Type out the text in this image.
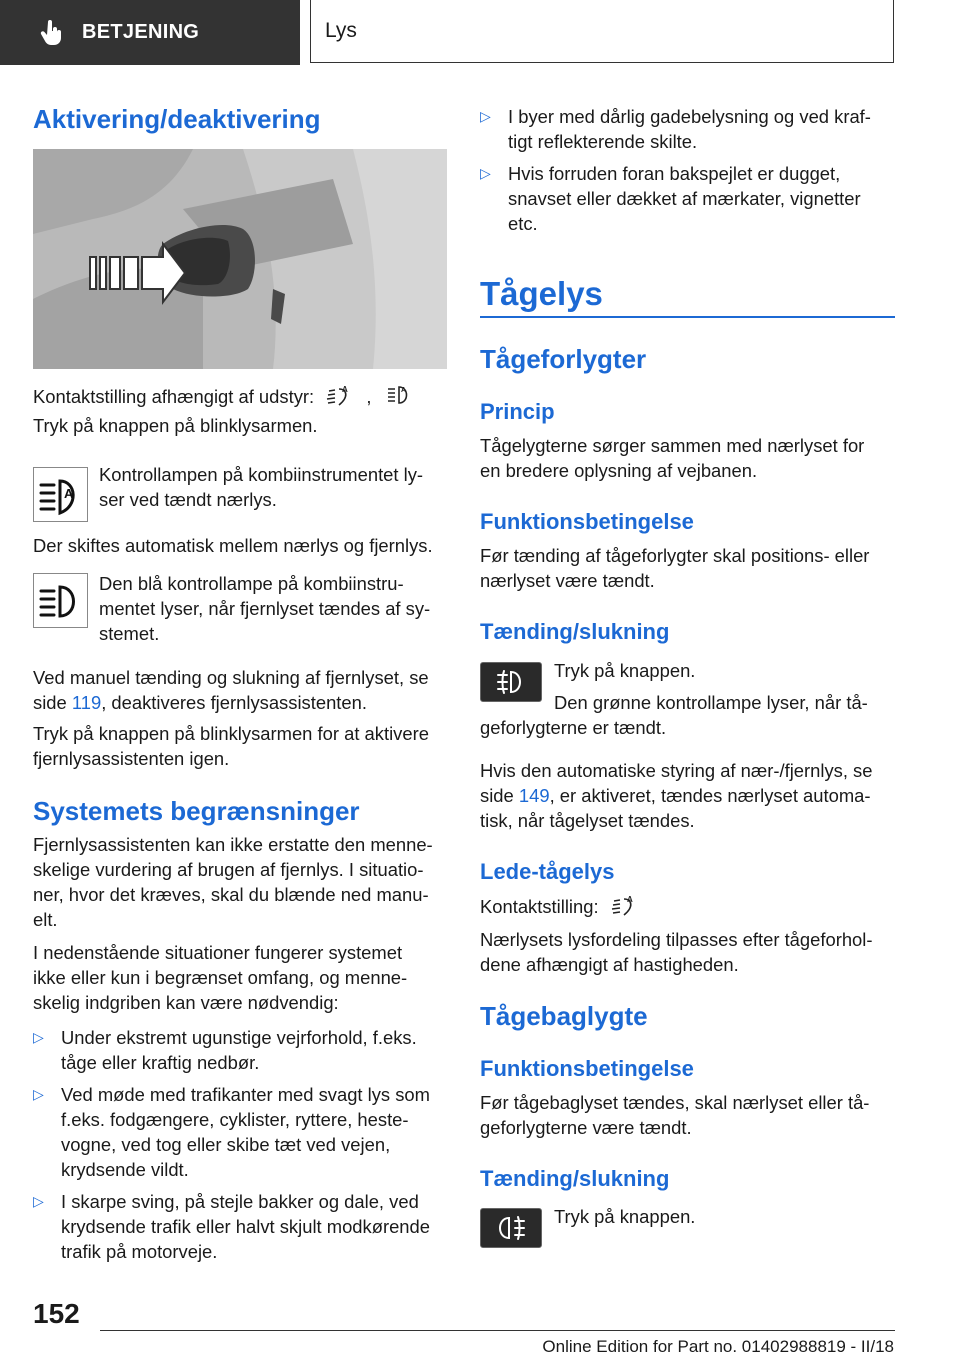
BETJENING	Lys
Aktivering/deaktivering
Kontaktstilling afhængigt af udstyr:	A ,	A
Tryk på knappen på blinklysarmen.
A
Kontrollampen på kombiinstrumentet ly‐
ser ved tændt nærlys.
Der skiftes automatisk mellem nærlys og fjernlys.
Den blå kontrollampe på kombiinstru‐
mentet lyser, når fjernlyset tændes af sy‐
stemet.
Ved manuel tænding og slukning af fjernlyset, se
side 119, deaktiveres fjernlysassistenten.
Tryk på knappen på blinklysarmen for at aktivere
fjernlysassistenten igen.
Systemets begrænsninger
Fjernlysassistenten kan ikke erstatte den menne‐
skelige vurdering af brugen af fjernlys. I situatio‐
ner, hvor det kræves, skal du blænde ned manu‐
elt.
I nedenstående situationer fungerer systemet
ikke eller kun i begrænset omfang, og menne‐
skelig indgriben kan være nødvendig:
▷ Under ekstremt ugunstige vejrforhold, f.eks.
tåge eller kraftig nedbør.
▷ Ved møde med trafikanter med svagt lys som
f.eks. fodgængere, cyklister, ryttere, heste‐
vogne, ved tog eller skibe tæt ved vejen,
krydsende vildt.
▷ I skarpe sving, på stejle bakker og dale, ved
krydsende trafik eller halvt skjult modkørende
trafik på motorveje.
▷ I byer med dårlig gadebelysning og ved kraf‐
tigt reflekterende skilte.
▷ Hvis forruden foran bakspejlet er dugget,
snavset eller dækket af mærkater, vignetter
etc.
Tågelys
Tågeforlygter
Princip
Tågelygterne sørger sammen med nærlyset for
en bredere oplysning af vejbanen.
Funktionsbetingelse
Før tænding af tågeforlygter skal positions- eller
nærlyset være tændt.
Tænding/slukning
Tryk på knappen.
Den grønne kontrollampe lyser, når tå‐
geforlygterne er tændt.
Hvis den automatiske styring af nær-/fjernlys, se
side 149, er aktiveret, tændes nærlyset automa‐
tisk, når tågelyset tændes.
Lede-tågelys
Kontaktstilling:	A
Nærlysets lysfordeling tilpasses efter tågeforhol‐
dene afhængigt af hastigheden.
Tågebaglygte
Funktionsbetingelse
Før tågebaglyset tændes, skal nærlyset eller tå‐
geforlygterne være tændt.
Tænding/slukning
Tryk på knappen.
152
Online Edition for Part no. 01402988819 - II/18
